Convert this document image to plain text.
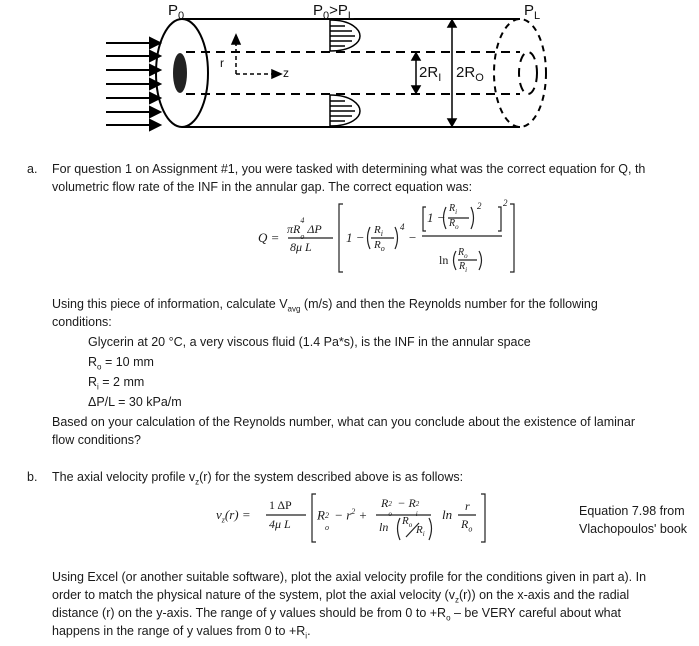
$P_0$	$P_0>P_L$	$P_L$
r
z	$2R_I$ $2R_O$
a. For question 1 on Assignment #1, you were tasked with determining what was the correct equation for Q, th
volumetric flow rate of the INF in the annular gap. The correct equation was:
Q =
πR
4
$_o$ ΔP
8μ L
$1 - R_i$
$R_o$
4
−
1 −
$R_i$
$R_o$
2 2
ln
$R_o$
$R_i$
Using this piece of information, calculate $V_{avg}$ (m/s) and then the Reynolds number for the following
conditions:
Glycerin at 20 °C, a very viscous fluid (1.4 Pa*s), is the INF in the annular space
$R_o = 10$ mm
$R_i = 2$ mm
ΔP/L = 30 kPa/m
Based on your calculation of the Reynolds number, what can you conclude about the existence of laminar
flow conditions?
b. The axial velocity profile $v_z(r)$ for the system described above is as follows:
$v_z(r)$ =
1 ΔP
4μ L
R 2
o
− $r^2$ +
R 2
o
− R 2
i
$\ln R_o$ $R_i$
ln
r
$R_o$
Equation 7.98 from
Vlachopoulos' book
Using Excel (or another suitable software), plot the axial velocity profile for the conditions given in part a). In
order to match the physical nature of the system, plot the axial velocity $(v_z(r))$ on the x-axis and the radial
distance (r) on the y-axis. The range of y values should be from 0 to $+R_o$ – be VERY careful about what
happens in the range of y values from 0 to $+R_i$.
